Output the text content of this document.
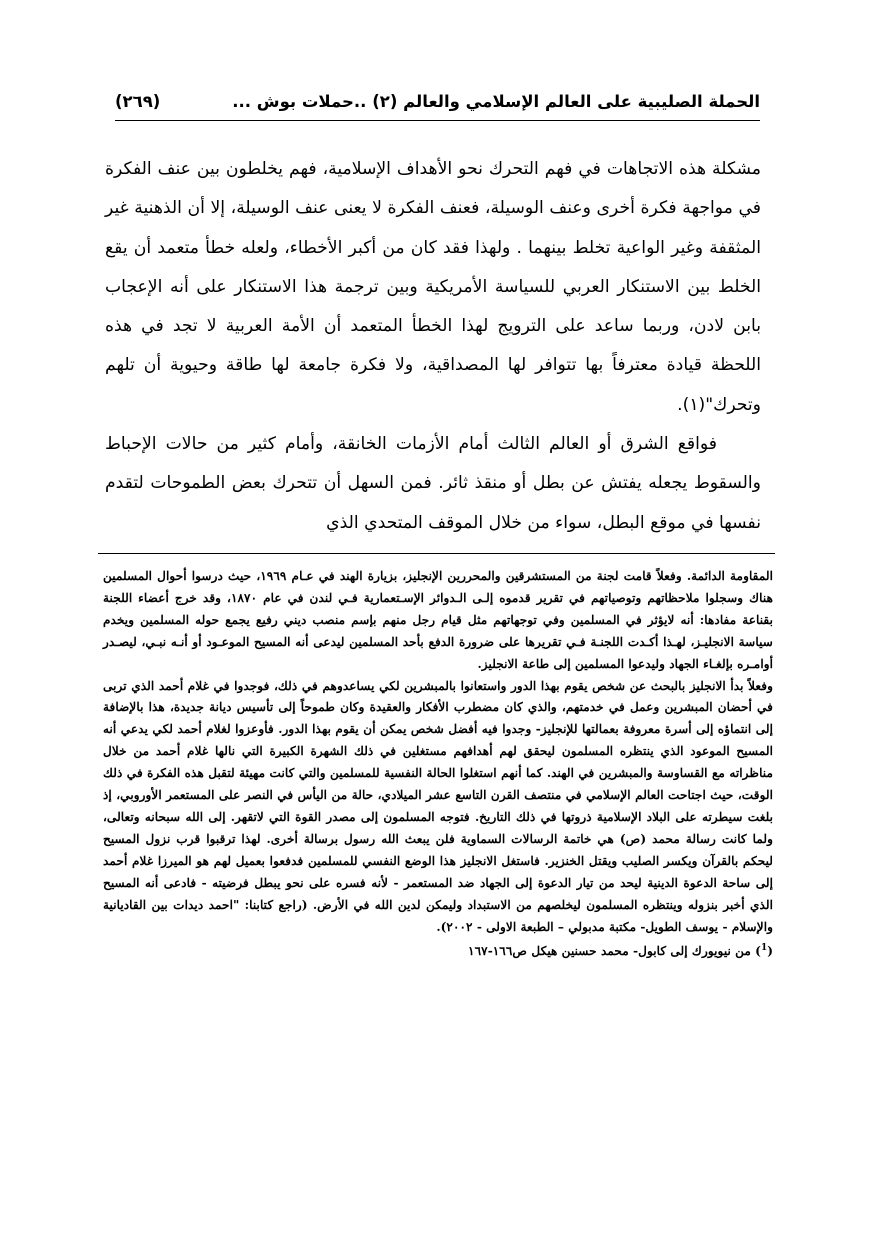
الحملة الصليبية على العالم الإسلامي والعالم (٢) ..حملات بوش ...
(٢٦٩)

مشكلة هذه الاتجاهات في فهم التحرك نحو الأهداف الإسلامية، فهم يخلطون بين عنف الفكرة في مواجهة فكرة أخرى وعنف الوسيلة، فعنف الفكرة لا يعنى عنف الوسيلة، إلا أن الذهنية غير المثقفة وغير الواعية تخلط بينهما . ولهذا فقد كان من أكبر الأخطاء، ولعله خطأ متعمد أن يقع الخلط بين الاستنكار العربي للسياسة الأمريكية وبين ترجمة هذا الاستنكار على أنه الإعجاب بابن لادن، وربما ساعد على الترويج لهذا الخطأ المتعمد أن الأمة العربية لا تجد في هذه اللحظة قيادة معترفاً بها تتوافر لها المصداقية، ولا فكرة جامعة لها طاقة وحيوية أن تلهم وتحرك"(١).

فواقع الشرق أو العالم الثالث أمام الأزمات الخانقة، وأمام كثير من حالات الإحباط والسقوط يجعله يفتش عن بطل أو منقذ ثائر. فمن السهل أن تتحرك بعض الطموحات لتقدم نفسها في موقع البطل، سواء من خلال الموقف المتحدي الذي

المقاومة الدائمة. وفعلاً قامت لجنة من المستشرقين والمحررين الإنجليز، بزيارة الهند في عـام ١٩٦٩، حيث درسوا أحوال المسلمين هناك وسجلوا ملاحظاتهم وتوصياتهم في تقرير قدموه إلـى الـدوائر الإسـتعمارية فـي لندن في عام ١٨٧٠، وقد خرج أعضاء اللجنة بقناعة مفادها: أنه لايؤثر في المسلمين وفي توجهاتهم مثل قيام رجل منهم بإسم منصب ديني رفيع يجمع حوله المسلمين ويخدم سياسة الانجليـز، لهـذا أكـدت اللجنـة فـي تقريرها على ضرورة الدفع بأحد المسلمين ليدعى أنه المسيح الموعـود أو أنـه نبـي، ليصـدر أوامـره بإلغـاء الجهاد وليدعوا المسلمين إلى طاعة الانجليز.

وفعلاً بدأ الانجليز بالبحث عن شخص يقوم بهذا الدور واستعانوا بالمبشرين لكي يساعدوهم في ذلك، فوجدوا في غلام أحمد الذي تربى في أحضان المبشرين وعمل في خدمتهم، والذي كان مضطرب الأفكار والعقيدة وكان طموحاً إلى تأسيس ديانة جديدة، هذا بالإضافة إلى انتماؤه إلى أسرة معروفة بعمالتها للإنجليز- وجدوا فيه أفضل شخص يمكن أن يقوم بهذا الدور. فأوعزوا لغلام أحمد لكي يدعي أنه المسيح الموعود الذي ينتظره المسلمون ليحقق لهم أهدافهم مستغلين في ذلك الشهرة الكبيرة التي نالها غلام أحمد من خلال مناظراته مع القساوسة والمبشرين في الهند. كما أنهم استغلوا الحالة النفسية للمسلمين والتي كانت مهيئة لتقبل هذه الفكرة في ذلك الوقت، حيث اجتاحت العالم الإسلامي في منتصف القرن التاسع عشر الميلادي، حالة من اليأس في النصر على المستعمر الأوروبي، إذ بلغت سيطرته على البلاد الإسلامية ذروتها في ذلك التاريخ. فتوجه المسلمون إلى مصدر القوة التي لاتقهر. إلى الله سبحانه وتعالى، ولما كانت رسالة محمد (ص) هي خاتمة الرسالات السماوية فلن يبعث الله رسول برسالة أخرى. لهذا ترقبوا قرب نزول المسيح ليحكم بالقرآن ويكسر الصليب ويقتل الخنزير. فاستغل الانجليز هذا الوضع النفسي للمسلمين فدفعوا بعميل لهم هو الميرزا غلام أحمد إلى ساحة الدعوة الدينية ليحد من تيار الدعوة إلى الجهاد ضد المستعمر - لأنه فسره على نحو يبطل فرضيته - فادعى أنه المسيح الذي أخبر بنزوله وينتظره المسلمون ليخلصهم من الاستبداد وليمكن لدين الله في الأرض. (راجع كتابنا: "احمد ديدات بين القاديانية والإسلام - يوسف الطويل- مكتبة مدبولي – الطبعة الاولى - ٢٠٠٢).

($^1$) من نيويورك إلى كابول- محمد حسنين هيكل ص١٦٦-١٦٧
